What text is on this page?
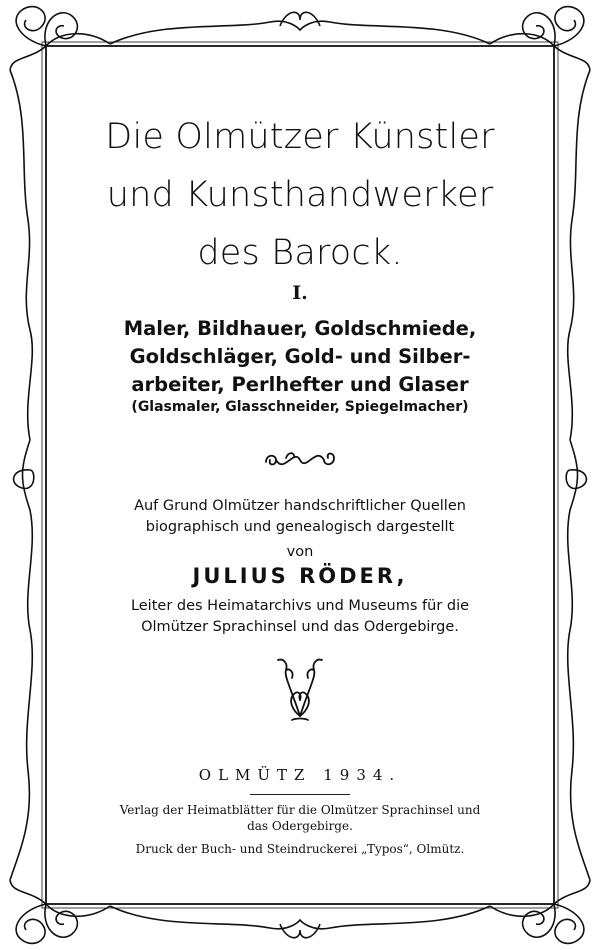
Die Olmützer Künstler
und Kunsthandwerker
des Barock.
I.
Maler, Bildhauer, Goldschmiede,
Goldschläger, Gold- und Silber-
arbeiter, Perlhefter und Glaser
(Glasmaler, Glasschneider, Spiegelmacher)
Auf Grund Olmützer handschriftlicher Quellen
biographisch und genealogisch dargestellt
von
JULIUS RÖDER,
Leiter des Heimatarchivs und Museums für die
Olmützer Sprachinsel und das Odergebirge.
OLMÜTZ 1934.
Verlag der Heimatblätter für die Olmützer Sprachinsel und
das Odergebirge.
Druck der Buch- und Steindruckerei „Typos“, Olmütz.
